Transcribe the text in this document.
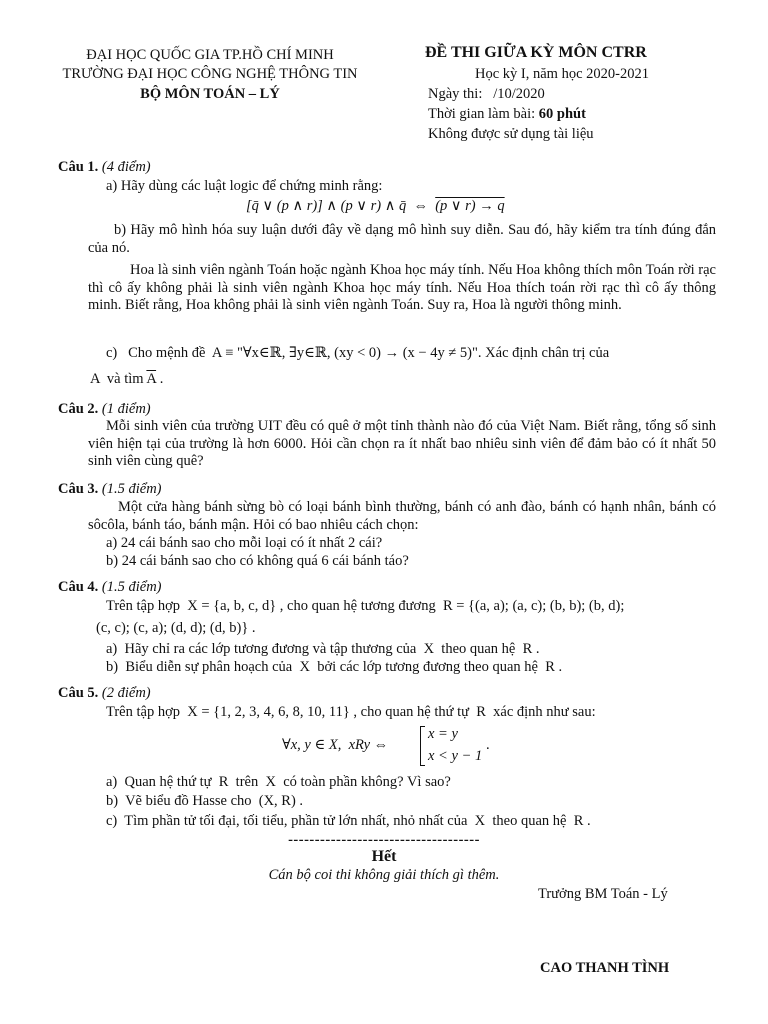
ĐẠI HỌC QUỐC GIA TP.HỒ CHÍ MINH
TRƯỜNG ĐẠI HỌC CÔNG NGHỆ THÔNG TIN
BỘ MÔN TOÁN – LÝ
ĐỀ THI GIỮA KỲ MÔN CTRR
Học kỳ I, năm học 2020-2021
Ngày thi:   /10/2020
Thời gian làm bài: 60 phút
Không được sử dụng tài liệu
Câu 1. (4 điểm)
a) Hãy dùng các luật logic để chứng minh rằng:
[q̄ ∨ (p ∧ r)] ∧ (p ∨ r) ∧ q̄  ⇔  (p ∨ r) → q
b) Hãy mô hình hóa suy luận dưới đây về dạng mô hình suy diễn. Sau đó, hãy kiểm tra tính đúng đắn của nó.
Hoa là sinh viên ngành Toán hoặc ngành Khoa học máy tính. Nếu Hoa không thích môn Toán rời rạc thì cô ấy không phải là sinh viên ngành Khoa học máy tính. Nếu Hoa thích toán rời rạc thì cô ấy thông minh. Biết rằng, Hoa không phải là sinh viên ngành Toán. Suy ra, Hoa là người thông minh.
c)   Cho mệnh đề  A ≡ "∀x∈ℝ, ∃y∈ℝ, (xy < 0) → (x − 4y ≠ 5)". Xác định chân trị của
A  và tìm $\overline{A}$ .
Câu 2. (1 điểm)
Mỗi sinh viên của trường UIT đều có quê ở một tỉnh thành nào đó của Việt Nam. Biết rằng, tổng số sinh viên hiện tại của trường là hơn 6000. Hỏi cần chọn ra ít nhất bao nhiêu sinh viên để đảm bảo có ít nhất 50 sinh viên cùng quê?
Câu 3. (1.5 điểm)
Một cửa hàng bánh sừng bò có loại bánh bình thường, bánh có anh đào, bánh có hạnh nhân, bánh có sôcôla, bánh táo, bánh mận. Hỏi có bao nhiêu cách chọn:
a) 24 cái bánh sao cho mỗi loại có ít nhất 2 cái?
b) 24 cái bánh sao cho có không quá 6 cái bánh táo?
Câu 4. (1.5 điểm)
Trên tập hợp  X = {a, b, c, d} , cho quan hệ tương đương  R = {(a, a); (a, c); (b, b); (b, d);
(c, c); (c, a); (d, d); (d, b)} .
a)  Hãy chỉ ra các lớp tương đương và tập thương của  X  theo quan hệ  R .
b)  Biểu diễn sự phân hoạch của  X  bởi các lớp tương đương theo quan hệ  R .
Câu 5. (2 điểm)
Trên tập hợp  X = {1, 2, 3, 4, 6, 8, 10, 11} , cho quan hệ thứ tự  R  xác định như sau:
∀x, y ∈ X,  xRy ⇔
x = y
x < y − 1
.
a)  Quan hệ thứ tự  R  trên  X  có toàn phần không? Vì sao?
b)  Vẽ biểu đồ Hasse cho  (X, R) .
c)  Tìm phần tử tối đại, tối tiểu, phần tử lớn nhất, nhỏ nhất của  X  theo quan hệ  R .
------------------------------------
Hết
Cán bộ coi thi không giải thích gì thêm.
Trưởng BM Toán - Lý
CAO THANH TÌNH
